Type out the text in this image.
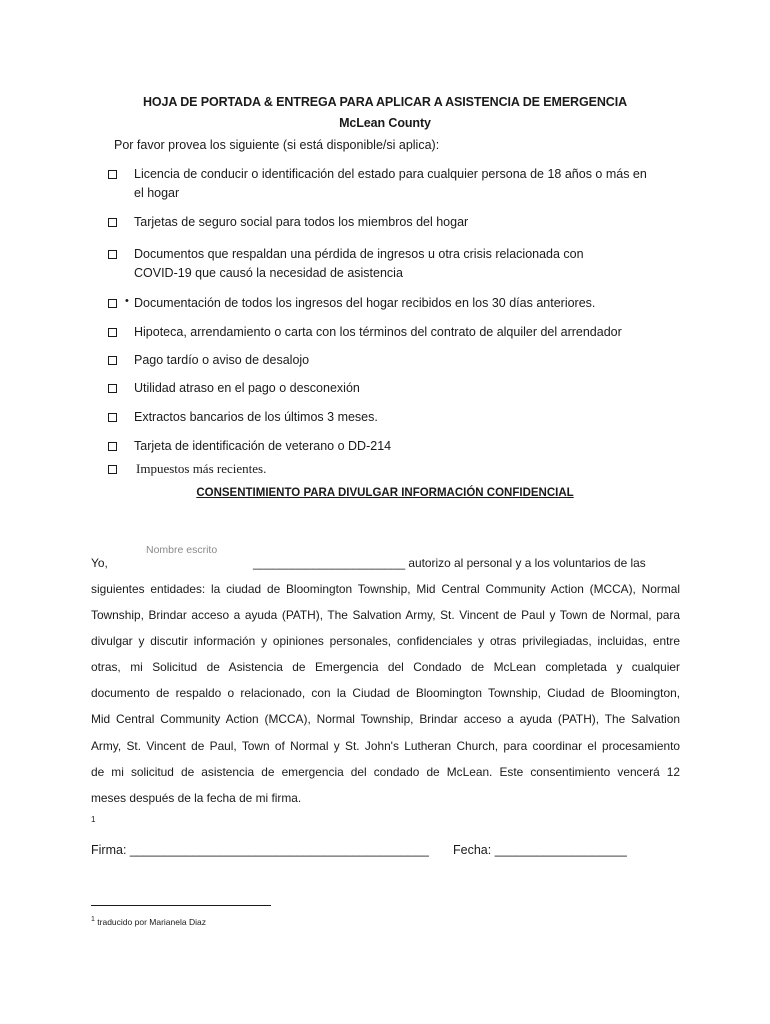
HOJA DE PORTADA & ENTREGA PARA APLICAR A ASISTENCIA DE EMERGENCIA
McLean County
Por favor provea los siguiente (si está disponible/si aplica):
Licencia de conducir o identificación del estado para cualquier persona de 18 años o más en
el hogar
Tarjetas de seguro social para todos los miembros del hogar
Documentos que respaldan una pérdida de ingresos u otra crisis relacionada con
COVID-19 que causó la necesidad de asistencia
• Documentación de todos los ingresos del hogar recibidos en los 30 días anteriores.
Hipoteca, arrendamiento o carta con los términos del contrato de alquiler del arrendador
Pago tardío o aviso de desalojo
Utilidad atraso en el pago o desconexión
Extractos bancarios de los últimos 3 meses.
Tarjeta de identificación de veterano o DD-214
Impuestos más recientes.
CONSENTIMIENTO PARA DIVULGAR INFORMACIÓN CONFIDENCIAL
Nombre escrito
Yo,	_______________________ autorizo al personal y a los voluntarios de las
siguientes entidades: la ciudad de Bloomington Township, Mid Central Community Action (MCCA), Normal
Township, Brindar acceso a ayuda (PATH), The Salvation Army, St. Vincent de Paul y Town de Normal, para
divulgar y discutir información y opiniones personales, confidenciales y otras privilegiadas, incluidas, entre
otras, mi Solicitud de Asistencia de Emergencia del Condado de McLean completada y cualquier
documento de respaldo o relacionado, con la Ciudad de Bloomington Township, Ciudad de Bloomington,
Mid Central Community Action (MCCA), Normal Township, Brindar acceso a ayuda (PATH), The Salvation
Army, St. Vincent de Paul, Town of Normal y St. John's Lutheran Church, para coordinar el procesamiento
de mi solicitud de asistencia de emergencia del condado de McLean. Este consentimiento vencerá 12
meses después de la fecha de mi firma.
1
Firma: ___________________________________________ Fecha: ___________________
$^1$ traducido por Marianela Diaz
